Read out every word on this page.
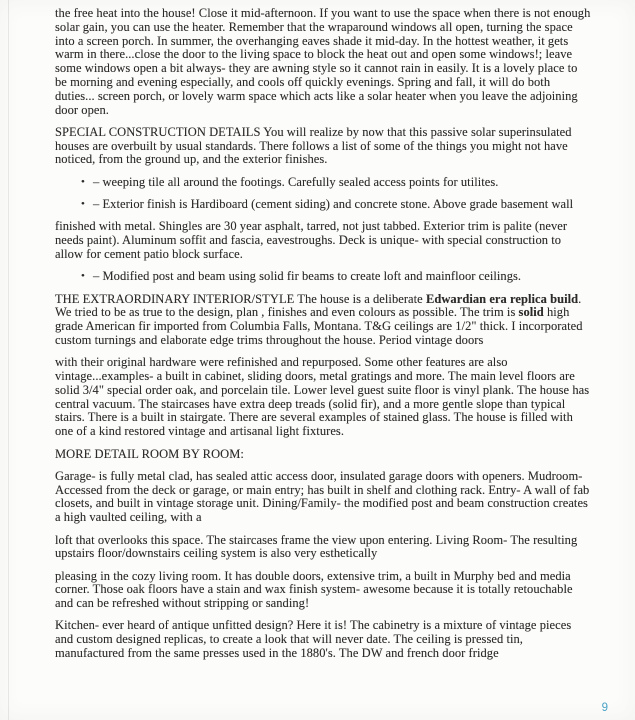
the free heat into the house! Close it mid-afternoon. If you want to use the space when there is not enough solar gain, you can use the heater. Remember that the wraparound windows all open, turning the space into a screen porch. In summer, the overhanging eaves shade it mid-day. In the hottest weather, it gets warm in there...close the door to the living space to block the heat out and open some windows!; leave some windows open a bit always- they are awning style so it cannot rain in easily. It is a lovely place to be morning and evening especially, and cools off quickly evenings. Spring and fall, it will do both duties... screen porch, or lovely warm space which acts like a solar heater when you leave the adjoining door open.

SPECIAL CONSTRUCTION DETAILS You will realize by now that this passive solar superinsulated houses are overbuilt by usual standards. There follows a list of some of the things you might not have noticed, from the ground up, and the exterior finishes.

• – weeping tile all around the footings. Carefully sealed access points for utilites.
• – Exterior finish is Hardiboard (cement siding) and concrete stone. Above grade basement wall

finished with metal. Shingles are 30 year asphalt, tarred, not just tabbed. Exterior trim is palite (never needs paint). Aluminum soffit and fascia, eavestroughs. Deck is unique- with special construction to allow for cement patio block surface.

• – Modified post and beam using solid fir beams to create loft and mainfloor ceilings.

THE EXTRAORDINARY INTERIOR/STYLE The house is a deliberate Edwardian era replica build. We tried to be as true to the design, plan , finishes and even colours as possible. The trim is solid high grade American fir imported from Columbia Falls, Montana. T&G ceilings are 1/2" thick. I incorporated custom turnings and elaborate edge trims throughout the house. Period vintage doors

with their original hardware were refinished and repurposed. Some other features are also vintage...examples- a built in cabinet, sliding doors, metal gratings and more. The main level floors are solid 3/4" special order oak, and porcelain tile. Lower level guest suite floor is vinyl plank. The house has central vacuum. The staircases have extra deep treads (solid fir), and a more gentle slope than typical stairs. There is a built in stairgate. There are several examples of stained glass. The house is filled with one of a kind restored vintage and artisanal light fixtures.

MORE DETAIL ROOM BY ROOM:

Garage- is fully metal clad, has sealed attic access door, insulated garage doors with openers. Mudroom- Accessed from the deck or garage, or main entry; has built in shelf and clothing rack. Entry- A wall of fab closets, and built in vintage storage unit. Dining/Family- the modified post and beam construction creates a high vaulted ceiling, with a

loft that overlooks this space. The staircases frame the view upon entering. Living Room- The resulting upstairs floor/downstairs ceiling system is also very esthetically

pleasing in the cozy living room. It has double doors, extensive trim, a built in Murphy bed and media corner. Those oak floors have a stain and wax finish system- awesome because it is totally retouchable and can be refreshed without stripping or sanding!

Kitchen- ever heard of antique unfitted design? Here it is! The cabinetry is a mixture of vintage pieces and custom designed replicas, to create a look that will never date. The ceiling is pressed tin, manufactured from the same presses used in the 1880's. The DW and french door fridge

9
